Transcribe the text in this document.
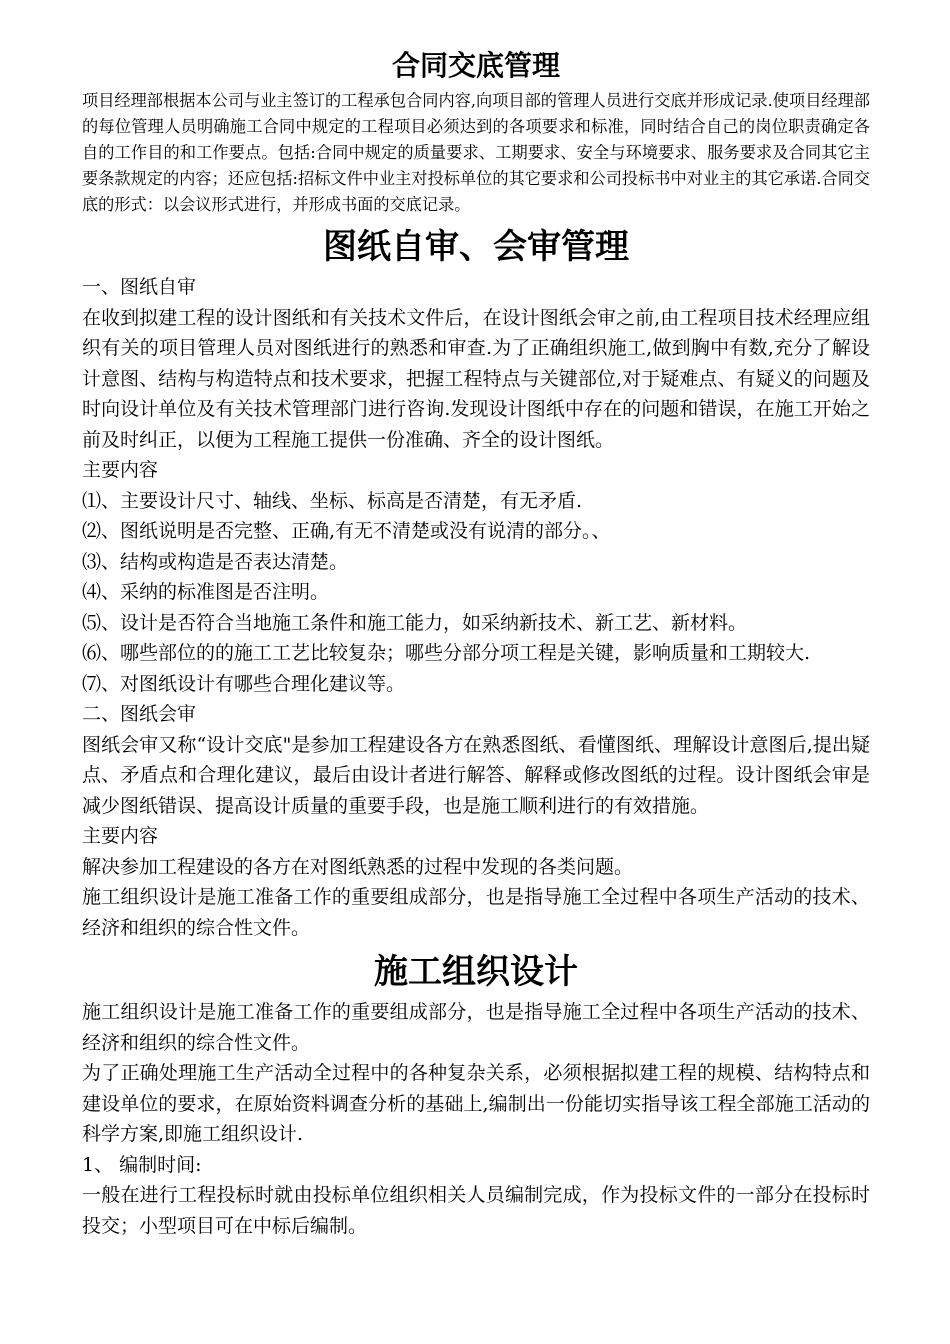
合同交底管理

项目经理部根据本公司与业主签订的工程承包合同内容,向项目部的管理人员进行交底并形成记录.使项目经理部的每位管理人员明确施工合同中规定的工程项目必须达到的各项要求和标准，同时结合自己的岗位职责确定各自的工作目的和工作要点。包括:合同中规定的质量要求、工期要求、安全与环境要求、服务要求及合同其它主要条款规定的内容；还应包括:招标文件中业主对投标单位的其它要求和公司投标书中对业主的其它承诺.合同交底的形式：以会议形式进行，并形成书面的交底记录。

图纸自审、会审管理

一、图纸自审

在收到拟建工程的设计图纸和有关技术文件后，在设计图纸会审之前,由工程项目技术经理应组织有关的项目管理人员对图纸进行的熟悉和审查.为了正确组织施工,做到胸中有数,充分了解设计意图、结构与构造特点和技术要求，把握工程特点与关键部位,对于疑难点、有疑义的问题及时向设计单位及有关技术管理部门进行咨询.发现设计图纸中存在的问题和错误，在施工开始之前及时纠正，以便为工程施工提供一份准确、齐全的设计图纸。

主要内容

⑴、主要设计尺寸、轴线、坐标、标高是否清楚，有无矛盾.

⑵、图纸说明是否完整、正确,有无不清楚或没有说清的部分。、

⑶、结构或构造是否表达清楚。

⑷、采纳的标准图是否注明。

⑸、设计是否符合当地施工条件和施工能力，如采纳新技术、新工艺、新材料。

⑹、哪些部位的的施工工艺比较复杂；哪些分部分项工程是关键，影响质量和工期较大.

⑺、对图纸设计有哪些合理化建议等。

二、图纸会审

图纸会审又称“设计交底"是参加工程建设各方在熟悉图纸、看懂图纸、理解设计意图后,提出疑点、矛盾点和合理化建议，最后由设计者进行解答、解释或修改图纸的过程。设计图纸会审是减少图纸错误、提高设计质量的重要手段，也是施工顺利进行的有效措施。

主要内容

解决参加工程建设的各方在对图纸熟悉的过程中发现的各类问题。

施工组织设计是施工准备工作的重要组成部分，也是指导施工全过程中各项生产活动的技术、经济和组织的综合性文件。

施工组织设计

施工组织设计是施工准备工作的重要组成部分，也是指导施工全过程中各项生产活动的技术、经济和组织的综合性文件。

为了正确处理施工生产活动全过程中的各种复杂关系，必须根据拟建工程的规模、结构特点和建设单位的要求，在原始资料调查分析的基础上,编制出一份能切实指导该工程全部施工活动的科学方案,即施工组织设计.

1、 编制时间:

一般在进行工程投标时就由投标单位组织相关人员编制完成，作为投标文件的一部分在投标时投交；小型项目可在中标后编制。
